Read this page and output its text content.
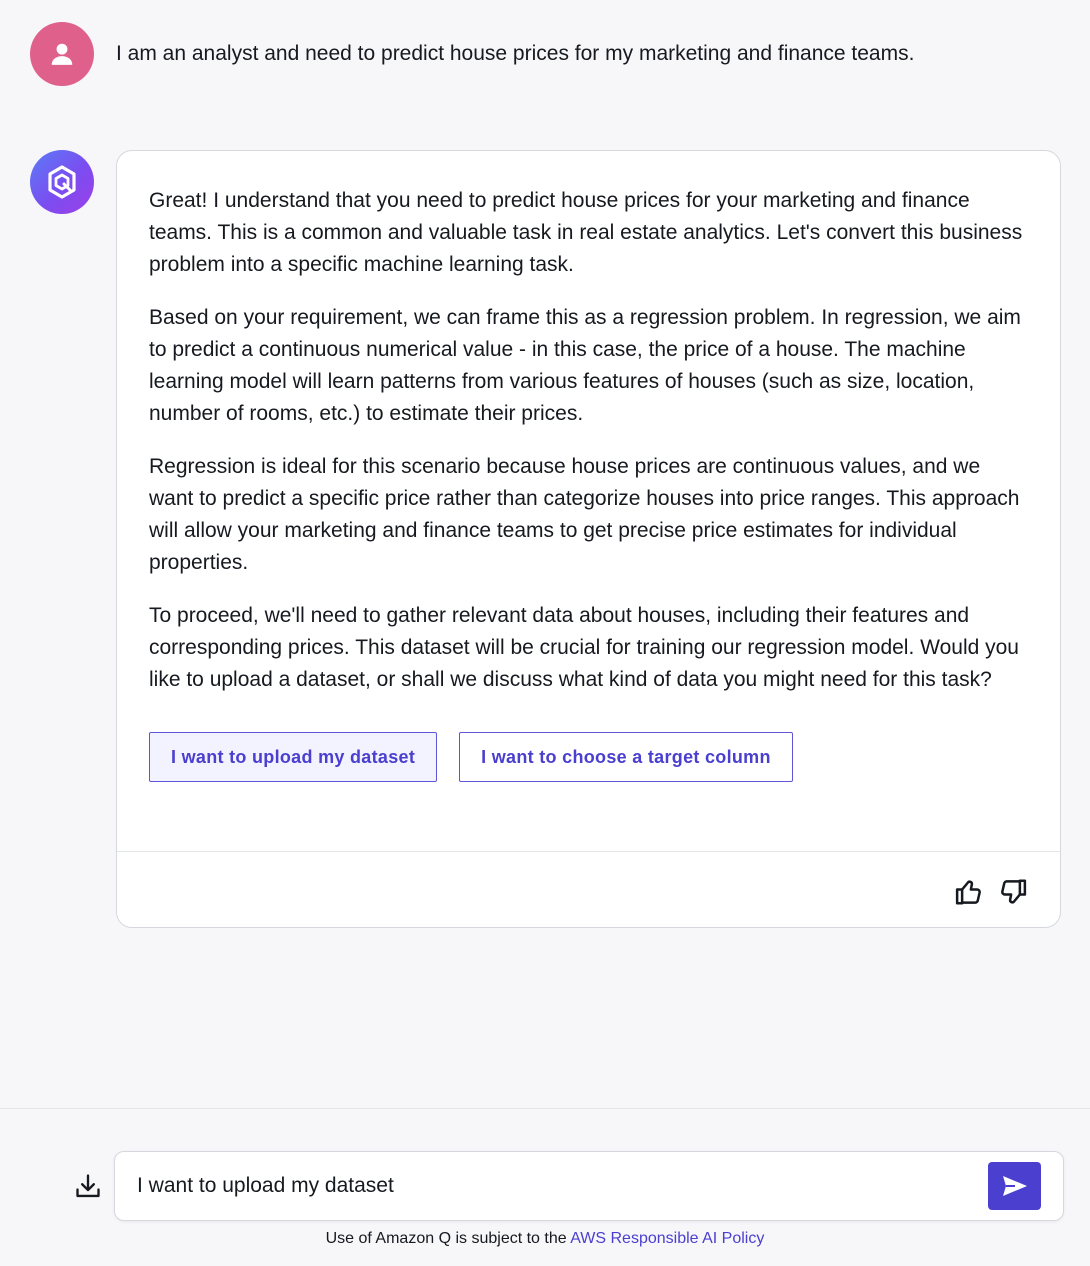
I am an analyst and need to predict house prices for my marketing and finance teams.

Great! I understand that you need to predict house prices for your marketing and finance teams. This is a common and valuable task in real estate analytics. Let's convert this business problem into a specific machine learning task.

Based on your requirement, we can frame this as a regression problem. In regression, we aim to predict a continuous numerical value - in this case, the price of a house. The machine learning model will learn patterns from various features of houses (such as size, location, number of rooms, etc.) to estimate their prices.

Regression is ideal for this scenario because house prices are continuous values, and we want to predict a specific price rather than categorize houses into price ranges. This approach will allow your marketing and finance teams to get precise price estimates for individual properties.

To proceed, we'll need to gather relevant data about houses, including their features and corresponding prices. This dataset will be crucial for training our regression model. Would you like to upload a dataset, or shall we discuss what kind of data you might need for this task?

I want to upload my dataset	I want to choose a target column
I want to upload my dataset
Use of Amazon Q is subject to the AWS Responsible AI Policy
